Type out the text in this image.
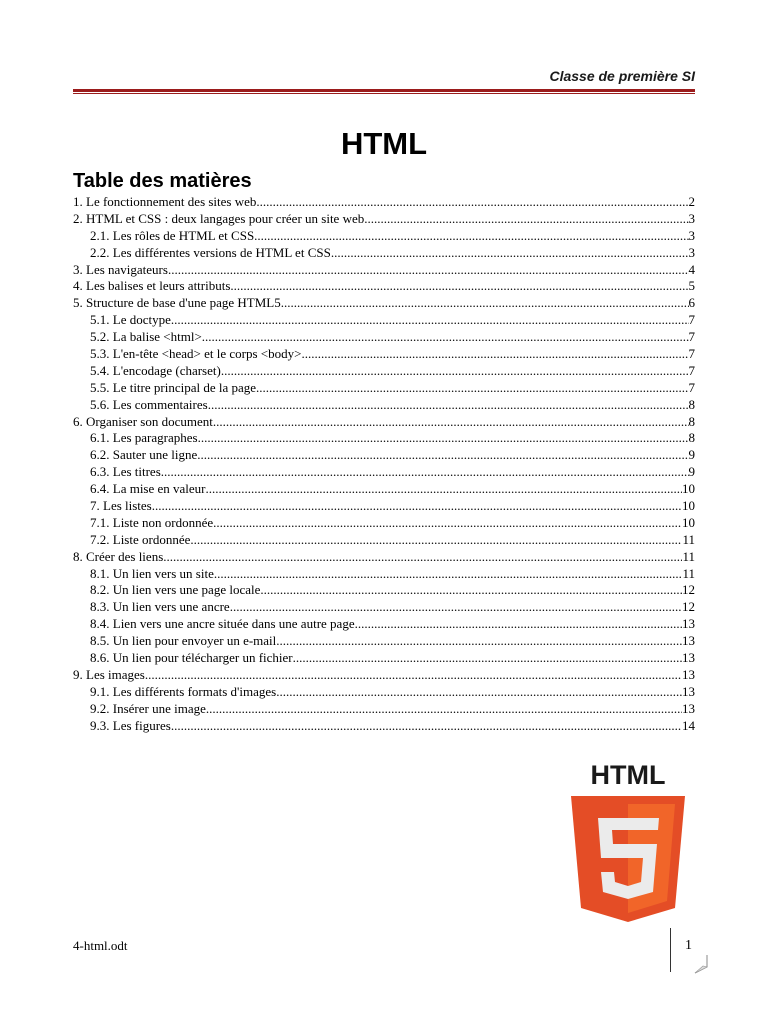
Classe de première SI
HTML
Table des matières
1. Le fonctionnement des sites web .....	2
2. HTML et CSS : deux langages pour créer un site web .....	3
2.1. Les rôles de HTML et CSS .....	3
2.2. Les différentes versions de HTML et CSS .....	3
3. Les navigateurs .....	4
4. Les balises et leurs attributs .....	5
5. Structure de base d'une page HTML5 .....	6
5.1. Le doctype .....	7
5.2. La balise <html> .....	7
5.3. L'en-tête <head> et le corps <body> .....	7
5.4. L'encodage (charset) .....	7
5.5. Le titre principal de la page .....	7
5.6. Les commentaires .....	8
6. Organiser son document .....	8
6.1. Les paragraphes .....	8
6.2. Sauter une ligne .....	9
6.3. Les titres .....	9
6.4. La mise en valeur .....	10
7. Les listes .....	10
7.1. Liste non ordonnée .....	10
7.2. Liste ordonnée .....	11
8. Créer des liens .....	11
8.1. Un lien vers un site .....	11
8.2. Un lien vers une page locale .....	12
8.3. Un lien vers une ancre .....	12
8.4. Lien vers une ancre située dans une autre page .....	13
8.5. Un lien pour envoyer un e-mail .....	13
8.6. Un lien pour télécharger un fichier .....	13
9. Les images .....	13
9.1. Les différents formats d'images .....	13
9.2. Insérer une image .....	13
9.3. Les figures .....	14
HTML
4-html.odt	1
